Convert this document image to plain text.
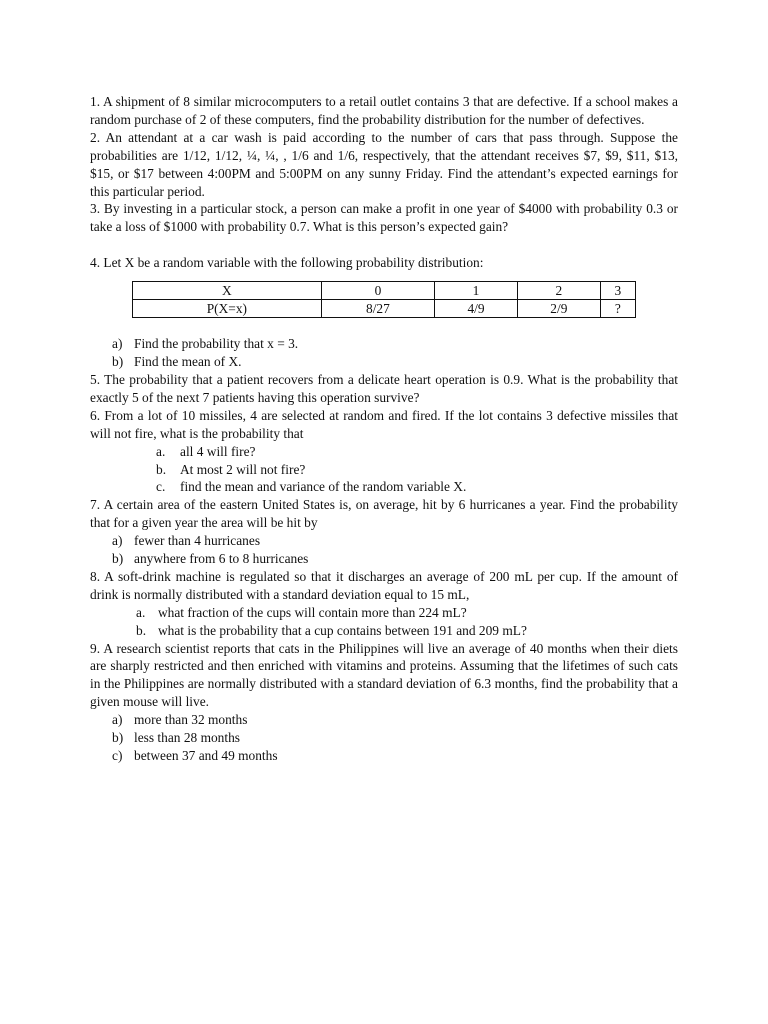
1. A shipment of 8 similar microcomputers to a retail outlet contains 3 that are defective. If a school makes a random purchase of 2 of these computers, find the probability distribution for the number of defectives.

2. An attendant at a car wash is paid according to the number of cars that pass through. Suppose the probabilities are 1/12, 1/12, ¼, ¼, , 1/6 and 1/6, respectively, that the attendant receives $7, $9, $11, $13, $15, or $17 between 4:00PM and 5:00PM on any sunny Friday. Find the attendant’s expected earnings for this particular period.

3. By investing in a particular stock, a person can make a profit in one year of $4000 with probability 0.3 or take a loss of $1000 with probability 0.7. What is this person’s expected gain?

4. Let X be a random variable with the following probability distribution:

X	0	1	2	3
P(X=x)	8/27	4/9	2/9	?

a) Find the probability that x = 3.

b) Find the mean of X.

5. The probability that a patient recovers from a delicate heart operation is 0.9. What is the probability that exactly 5 of the next 7 patients having this operation survive?

6. From a lot of 10 missiles, 4 are selected at random and fired. If the lot contains 3 defective missiles that will not fire, what is the probability that

a.	all 4 will fire?

b.	At most 2 will not fire?

c.	find the mean and variance of the random variable X.

7. A certain area of the eastern United States is, on average, hit by 6 hurricanes a year. Find the probability that for a given year the area will be hit by

a) fewer than 4 hurricanes

b) anywhere from 6 to 8 hurricanes

8. A soft-drink machine is regulated so that it discharges an average of 200 mL per cup. If the amount of drink is normally distributed with a standard deviation equal to 15 mL,

a. what fraction of the cups will contain more than 224 mL?

b. what is the probability that a cup contains between 191 and 209 mL?

9. A research scientist reports that cats in the Philippines will live an average of 40 months when their diets are sharply restricted and then enriched with vitamins and proteins. Assuming that the lifetimes of such cats in the Philippines are normally distributed with a standard deviation of 6.3 months, find the probability that a given mouse will live.

a) more than 32 months

b) less than 28 months

c) between 37 and 49 months
